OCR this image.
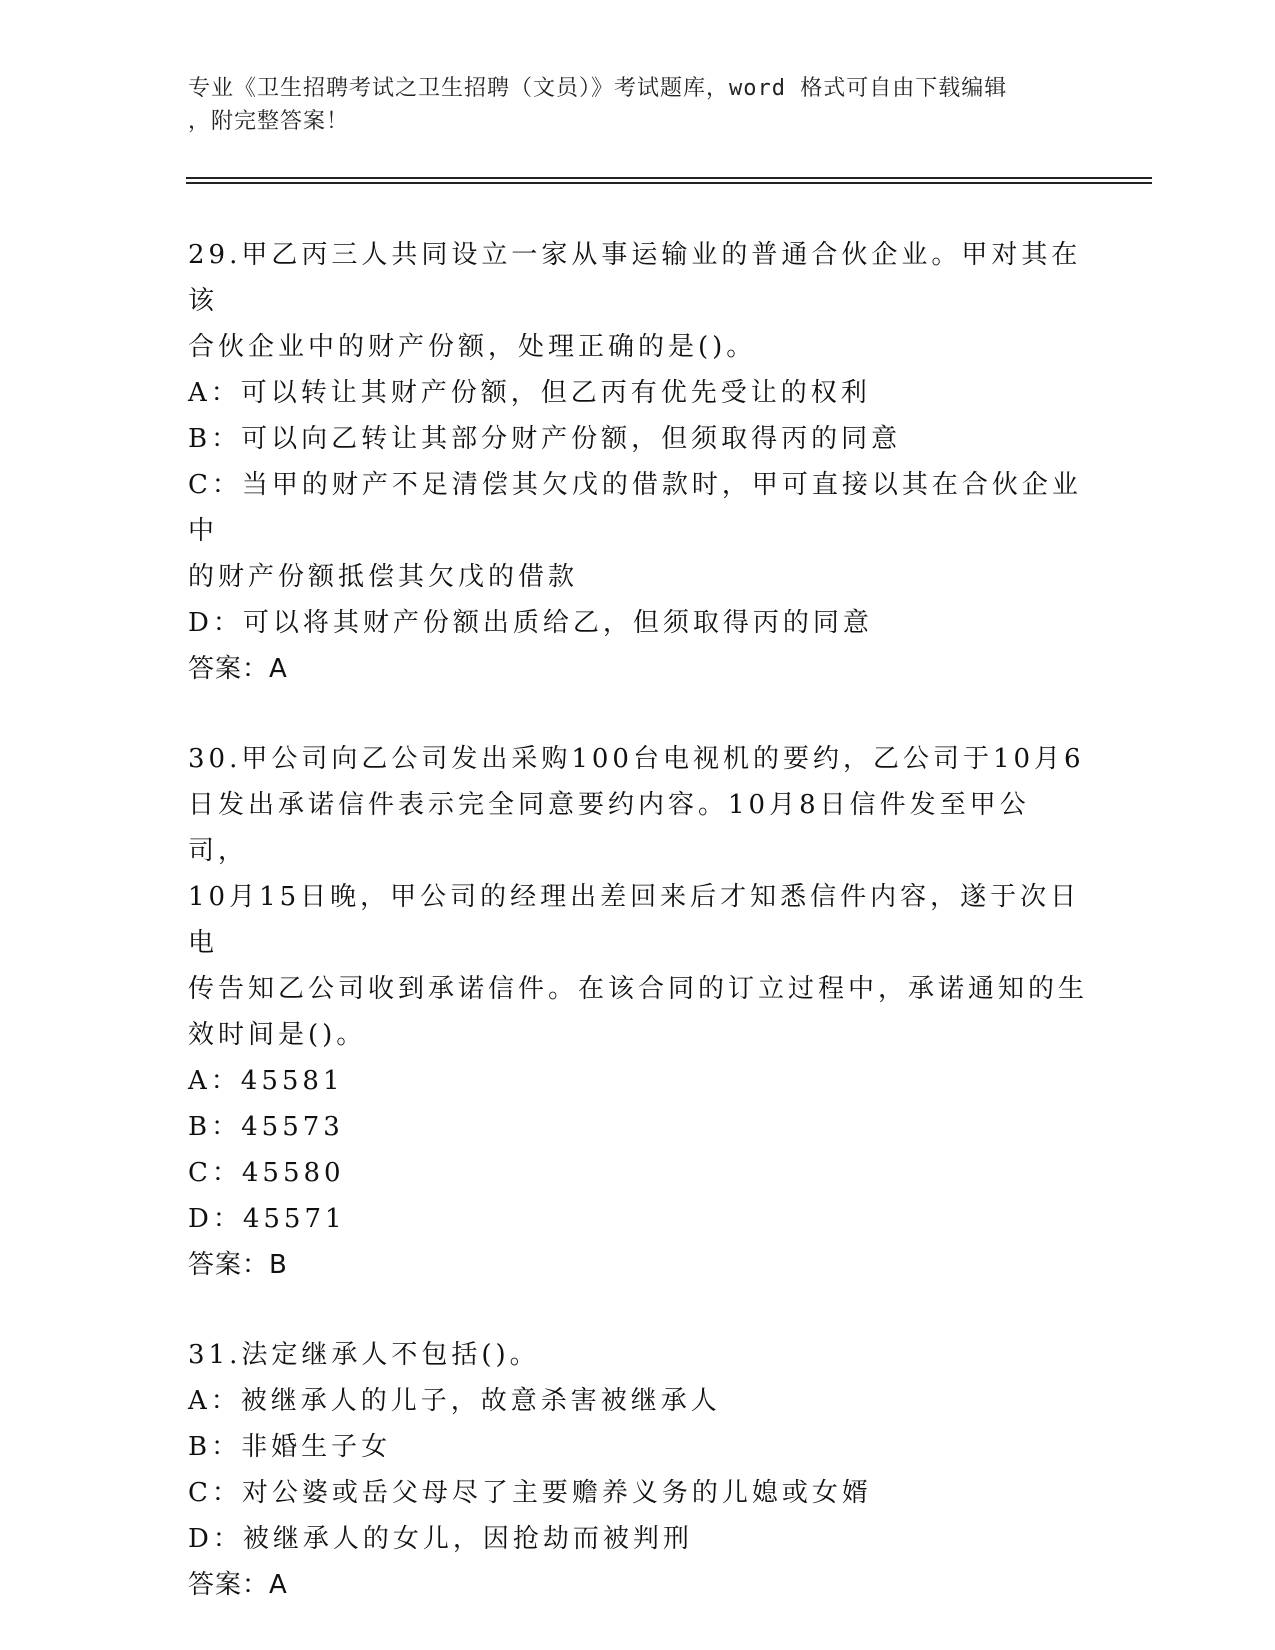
专业《卫生招聘考试之卫生招聘（文员）》考试题库，word 格式可自由下载编辑
，附完整答案！

29.甲乙丙三人共同设立一家从事运输业的普通合伙企业。甲对其在该

合伙企业中的财产份额，处理正确的是()。

A：可以转让其财产份额，但乙丙有优先受让的权利

B：可以向乙转让其部分财产份额，但须取得丙的同意

C：当甲的财产不足清偿其欠戊的借款时，甲可直接以其在合伙企业中

的财产份额抵偿其欠戊的借款

D：可以将其财产份额出质给乙，但须取得丙的同意

答案：A

30.甲公司向乙公司发出采购100台电视机的要约，乙公司于10月6

日发出承诺信件表示完全同意要约内容。10月8日信件发至甲公司，

10月15日晚，甲公司的经理出差回来后才知悉信件内容，遂于次日电

传告知乙公司收到承诺信件。在该合同的订立过程中，承诺通知的生

效时间是()。

A：45581

B：45573

C：45580

D：45571

答案：B

31.法定继承人不包括()。

A：被继承人的儿子，故意杀害被继承人

B：非婚生子女

C：对公婆或岳父母尽了主要赡养义务的儿媳或女婿

D：被继承人的女儿，因抢劫而被判刑

答案：A
